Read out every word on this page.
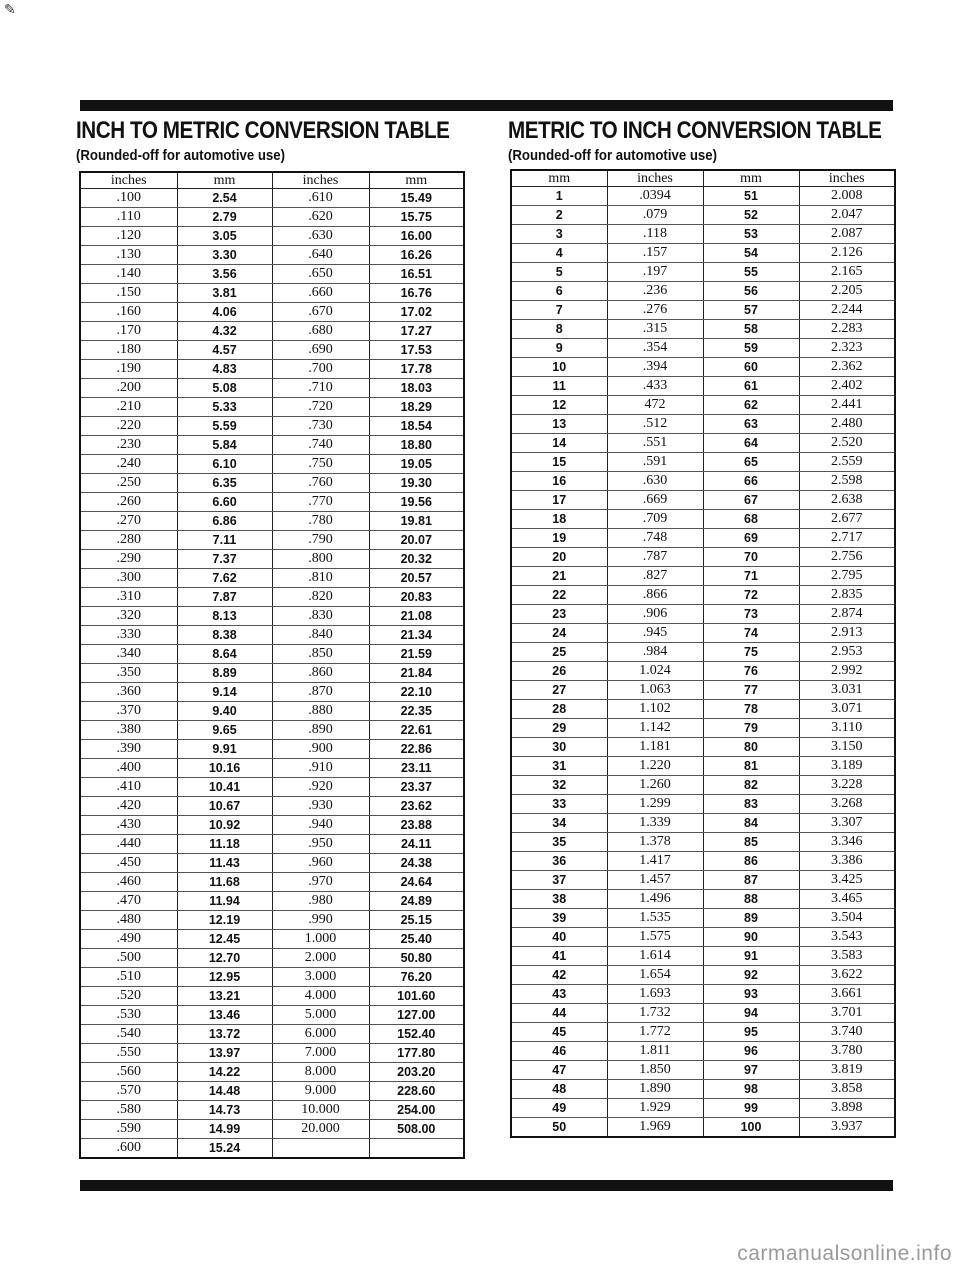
✎
INCH TO METRIC CONVERSION TABLE
(Rounded-off for automotive use)
inches	mm	inches	mm
.100	2.54	.610	15.49
.110	2.79	.620	15.75
.120	3.05	.630	16.00
.130	3.30	.640	16.26
.140	3.56	.650	16.51
.150	3.81	.660	16.76
.160	4.06	.670	17.02
.170	4.32	.680	17.27
.180	4.57	.690	17.53
.190	4.83	.700	17.78
.200	5.08	.710	18.03
.210	5.33	.720	18.29
.220	5.59	.730	18.54
.230	5.84	.740	18.80
.240	6.10	.750	19.05
.250	6.35	.760	19.30
.260	6.60	.770	19.56
.270	6.86	.780	19.81
.280	7.11	.790	20.07
.290	7.37	.800	20.32
.300	7.62	.810	20.57
.310	7.87	.820	20.83
.320	8.13	.830	21.08
.330	8.38	.840	21.34
.340	8.64	.850	21.59
.350	8.89	.860	21.84
.360	9.14	.870	22.10
.370	9.40	.880	22.35
.380	9.65	.890	22.61
.390	9.91	.900	22.86
.400	10.16	.910	23.11
.410	10.41	.920	23.37
.420	10.67	.930	23.62
.430	10.92	.940	23.88
.440	11.18	.950	24.11
.450	11.43	.960	24.38
.460	11.68	.970	24.64
.470	11.94	.980	24.89
.480	12.19	.990	25.15
.490	12.45	1.000	25.40
.500	12.70	2.000	50.80
.510	12.95	3.000	76.20
.520	13.21	4.000	101.60
.530	13.46	5.000	127.00
.540	13.72	6.000	152.40
.550	13.97	7.000	177.80
.560	14.22	8.000	203.20
.570	14.48	9.000	228.60
.580	14.73	10.000	254.00
.590	14.99	20.000	508.00
.600	15.24		
METRIC TO INCH CONVERSION TABLE
(Rounded-off for automotive use)
mm	inches	mm	inches
1	.0394	51	2.008
2	.079	52	2.047
3	.118	53	2.087
4	.157	54	2.126
5	.197	55	2.165
6	.236	56	2.205
7	.276	57	2.244
8	.315	58	2.283
9	.354	59	2.323
10	.394	60	2.362
11	.433	61	2.402
12	472	62	2.441
13	.512	63	2.480
14	.551	64	2.520
15	.591	65	2.559
16	.630	66	2.598
17	.669	67	2.638
18	.709	68	2.677
19	.748	69	2.717
20	.787	70	2.756
21	.827	71	2.795
22	.866	72	2.835
23	.906	73	2.874
24	.945	74	2.913
25	.984	75	2.953
26	1.024	76	2.992
27	1.063	77	3.031
28	1.102	78	3.071
29	1.142	79	3.110
30	1.181	80	3.150
31	1.220	81	3.189
32	1.260	82	3.228
33	1.299	83	3.268
34	1.339	84	3.307
35	1.378	85	3.346
36	1.417	86	3.386
37	1.457	87	3.425
38	1.496	88	3.465
39	1.535	89	3.504
40	1.575	90	3.543
41	1.614	91	3.583
42	1.654	92	3.622
43	1.693	93	3.661
44	1.732	94	3.701
45	1.772	95	3.740
46	1.811	96	3.780
47	1.850	97	3.819
48	1.890	98	3.858
49	1.929	99	3.898
50	1.969	100	3.937
carmanualsonline.info
